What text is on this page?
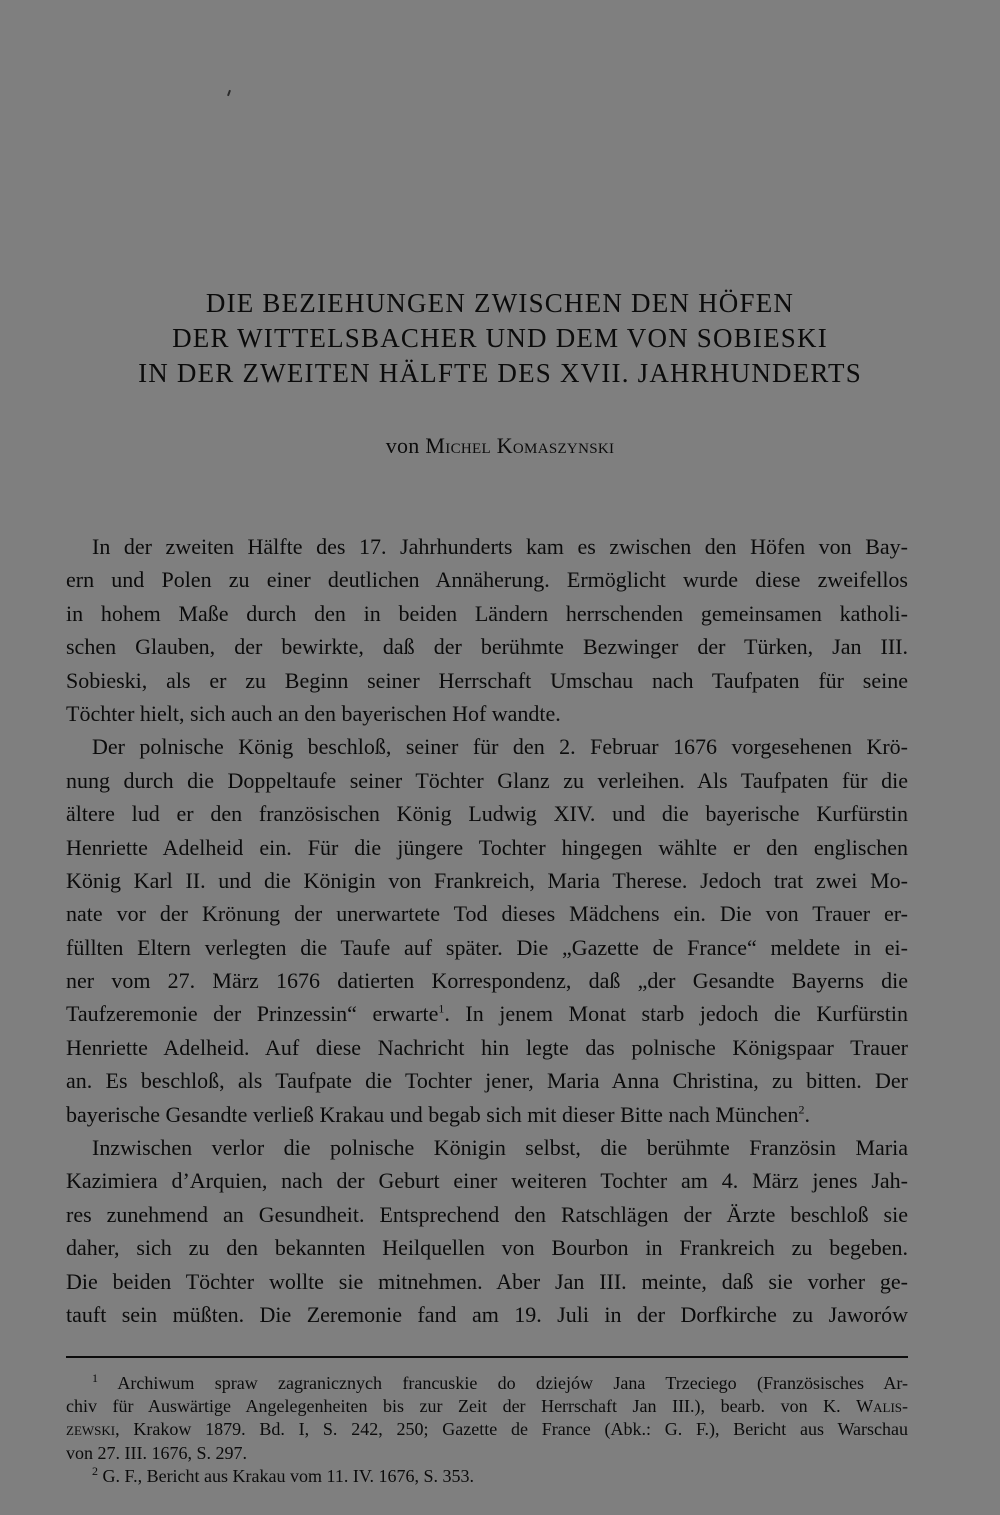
DIE BEZIEHUNGEN ZWISCHEN DEN HÖFEN
DER WITTELSBACHER UND DEM VON SOBIESKI
IN DER ZWEITEN HÄLFTE DES XVII. JAHRHUNDERTS
von Michel Komaszynski
In der zweiten Hälfte des 17. Jahrhunderts kam es zwischen den Höfen von Bay-
ern und Polen zu einer deutlichen Annäherung. Ermöglicht wurde diese zweifellos
in hohem Maße durch den in beiden Ländern herrschenden gemeinsamen katholi-
schen Glauben, der bewirkte, daß der berühmte Bezwinger der Türken, Jan III.
Sobieski, als er zu Beginn seiner Herrschaft Umschau nach Taufpaten für seine
Töchter hielt, sich auch an den bayerischen Hof wandte.
Der polnische König beschloß, seiner für den 2. Februar 1676 vorgesehenen Krö-
nung durch die Doppeltaufe seiner Töchter Glanz zu verleihen. Als Taufpaten für die
ältere lud er den französischen König Ludwig XIV. und die bayerische Kurfürstin
Henriette Adelheid ein. Für die jüngere Tochter hingegen wählte er den englischen
König Karl II. und die Königin von Frankreich, Maria Therese. Jedoch trat zwei Mo-
nate vor der Krönung der unerwartete Tod dieses Mädchens ein. Die von Trauer er-
füllten Eltern verlegten die Taufe auf später. Die „Gazette de France“ meldete in ei-
ner vom 27. März 1676 datierten Korrespondenz, daß „der Gesandte Bayerns die
Taufzeremonie der Prinzessin“ erwarte$^1$. In jenem Monat starb jedoch die Kurfürstin
Henriette Adelheid. Auf diese Nachricht hin legte das polnische Königspaar Trauer
an. Es beschloß, als Taufpate die Tochter jener, Maria Anna Christina, zu bitten. Der
bayerische Gesandte verließ Krakau und begab sich mit dieser Bitte nach München$^2$.
Inzwischen verlor die polnische Königin selbst, die berühmte Französin Maria
Kazimiera d’Arquien, nach der Geburt einer weiteren Tochter am 4. März jenes Jah-
res zunehmend an Gesundheit. Entsprechend den Ratschlägen der Ärzte beschloß sie
daher, sich zu den bekannten Heilquellen von Bourbon in Frankreich zu begeben.
Die beiden Töchter wollte sie mitnehmen. Aber Jan III. meinte, daß sie vorher ge-
tauft sein müßten. Die Zeremonie fand am 19. Juli in der Dorfkirche zu Jaworów
$^1$ Archiwum spraw zagranicznych francuskie do dziejów Jana Trzeciego (Französisches Ar-
chiv für Auswärtige Angelegenheiten bis zur Zeit der Herrschaft Jan III.), bearb. von K. Walis-
zewski, Krakow 1879. Bd. I, S. 242, 250; Gazette de France (Abk.: G. F.), Bericht aus Warschau
von 27. III. 1676, S. 297.
$^2$ G. F., Bericht aus Krakau vom 11. IV. 1676, S. 353.
